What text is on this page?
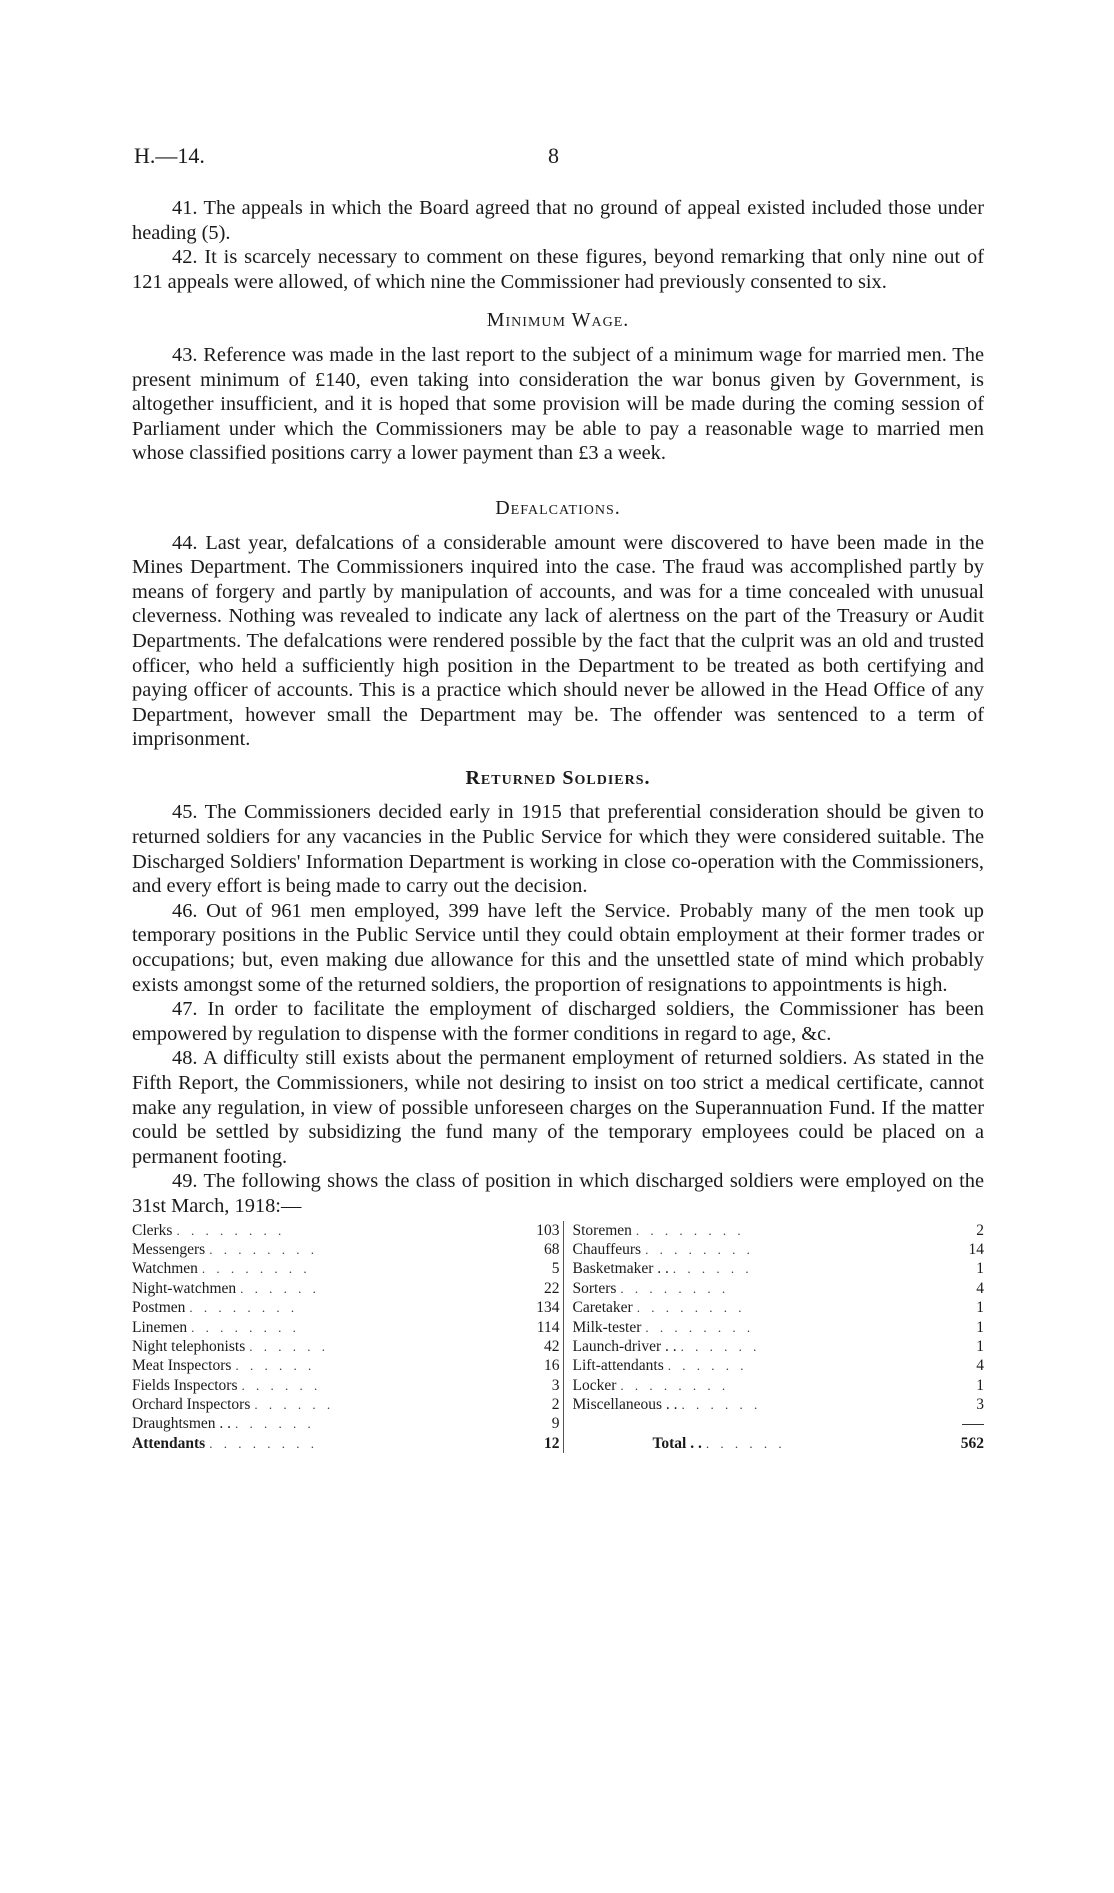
H.—14.	8

41. The appeals in which the Board agreed that no ground of appeal existed included those under heading (5).

42. It is scarcely necessary to comment on these figures, beyond remarking that only nine out of 121 appeals were allowed, of which nine the Commissioner had previously consented to six.

Minimum Wage.

43. Reference was made in the last report to the subject of a minimum wage for married men. The present minimum of £140, even taking into consideration the war bonus given by Government, is altogether insufficient, and it is hoped that some provision will be made during the coming session of Parliament under which the Commissioners may be able to pay a reasonable wage to married men whose classified positions carry a lower payment than £3 a week.

Defalcations.

44. Last year, defalcations of a considerable amount were discovered to have been made in the Mines Department. The Commissioners inquired into the case. The fraud was accomplished partly by means of forgery and partly by manipulation of accounts, and was for a time concealed with unusual cleverness. Nothing was revealed to indicate any lack of alertness on the part of the Treasury or Audit Departments. The defalcations were rendered possible by the fact that the culprit was an old and trusted officer, who held a sufficiently high position in the Department to be treated as both certifying and paying officer of accounts. This is a practice which should never be allowed in the Head Office of any Department, however small the Department may be. The offender was sentenced to a term of imprisonment.

Returned Soldiers.

45. The Commissioners decided early in 1915 that preferential consideration should be given to returned soldiers for any vacancies in the Public Service for which they were considered suitable. The Discharged Soldiers' Information Department is working in close co-operation with the Commissioners, and every effort is being made to carry out the decision.

46. Out of 961 men employed, 399 have left the Service. Probably many of the men took up temporary positions in the Public Service until they could obtain employment at their former trades or occupations; but, even making due allowance for this and the unsettled state of mind which probably exists amongst some of the returned soldiers, the proportion of resignations to appointments is high.

47. In order to facilitate the employment of discharged soldiers, the Commissioner has been empowered by regulation to dispense with the former conditions in regard to age, &c.

48. A difficulty still exists about the permanent employment of returned soldiers. As stated in the Fifth Report, the Commissioners, while not desiring to insist on too strict a medical certificate, cannot make any regulation, in view of possible unforeseen charges on the Superannuation Fund. If the matter could be settled by subsidizing the fund many of the temporary employees could be placed on a permanent footing.

49. The following shows the class of position in which discharged soldiers were employed on the 31st March, 1918:—

Clerks . . . . . . . .	103
Messengers . . . . . . . .	68
Watchmen . . . . . . . .	5
Night-watchmen . . . . . .	22
Postmen . . . . . . . .	134
Linemen . . . . . . . .	114
Night telephonists . . . . . .	42
Meat Inspectors . . . . . .	16
Fields Inspectors . . . . . .	3
Orchard Inspectors . . . . . .	2
Draughtsmen . . . . . . . .	9
Attendants . . . . . . . .	12
Storemen . . . . . . . .	2
Chauffeurs . . . . . . . .	14
Basketmaker . . . . . . . .	1
Sorters . . . . . . . .	4
Caretaker . . . . . . . .	1
Milk-tester . . . . . . . .	1
Launch-driver . . . . . . . .	1
Lift-attendants . . . . . .	4
Locker . . . . . . . .	1
Miscellaneous . . . . . . . .	3
Total . . . . . . . .	562
